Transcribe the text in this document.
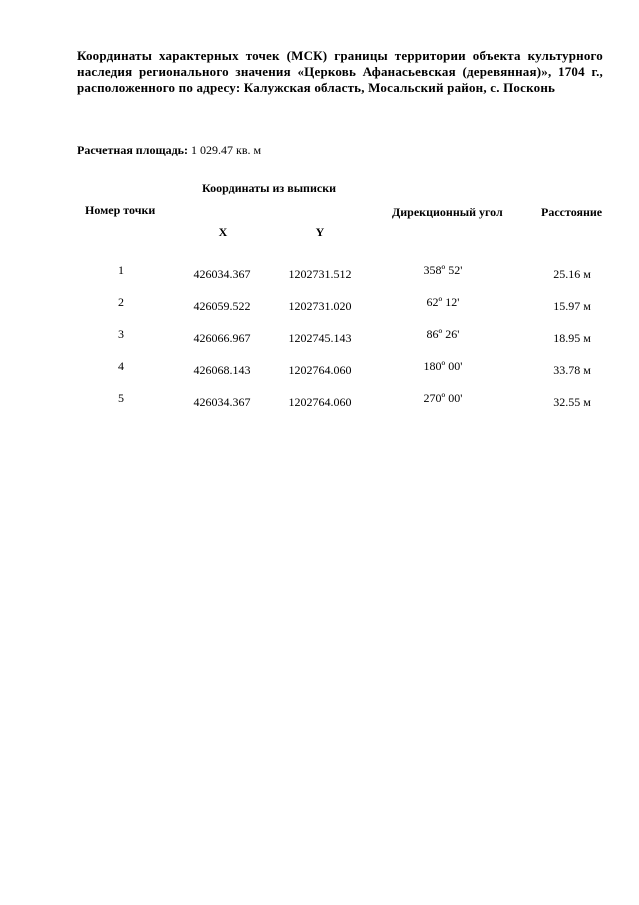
Координаты характерных точек (МСК) границы территории объекта культурного наследия регионального значения «Церковь Афанасьевская (деревянная)», 1704 г., расположенного по адресу: Калужская область, Мосальский район, с. Посконь
Расчетная площадь: 1 029.47 кв. м
Координаты из выписки
Номер точки	Дирекционный угол	Расстояние
X	Y
1	426034.367	1202731.512	358º 52'	25.16 м
2	426059.522	1202731.020	62º 12'	15.97 м
3	426066.967	1202745.143	86º 26'	18.95 м
4	426068.143	1202764.060	180º 00'	33.78 м
5	426034.367	1202764.060	270º 00'	32.55 м
